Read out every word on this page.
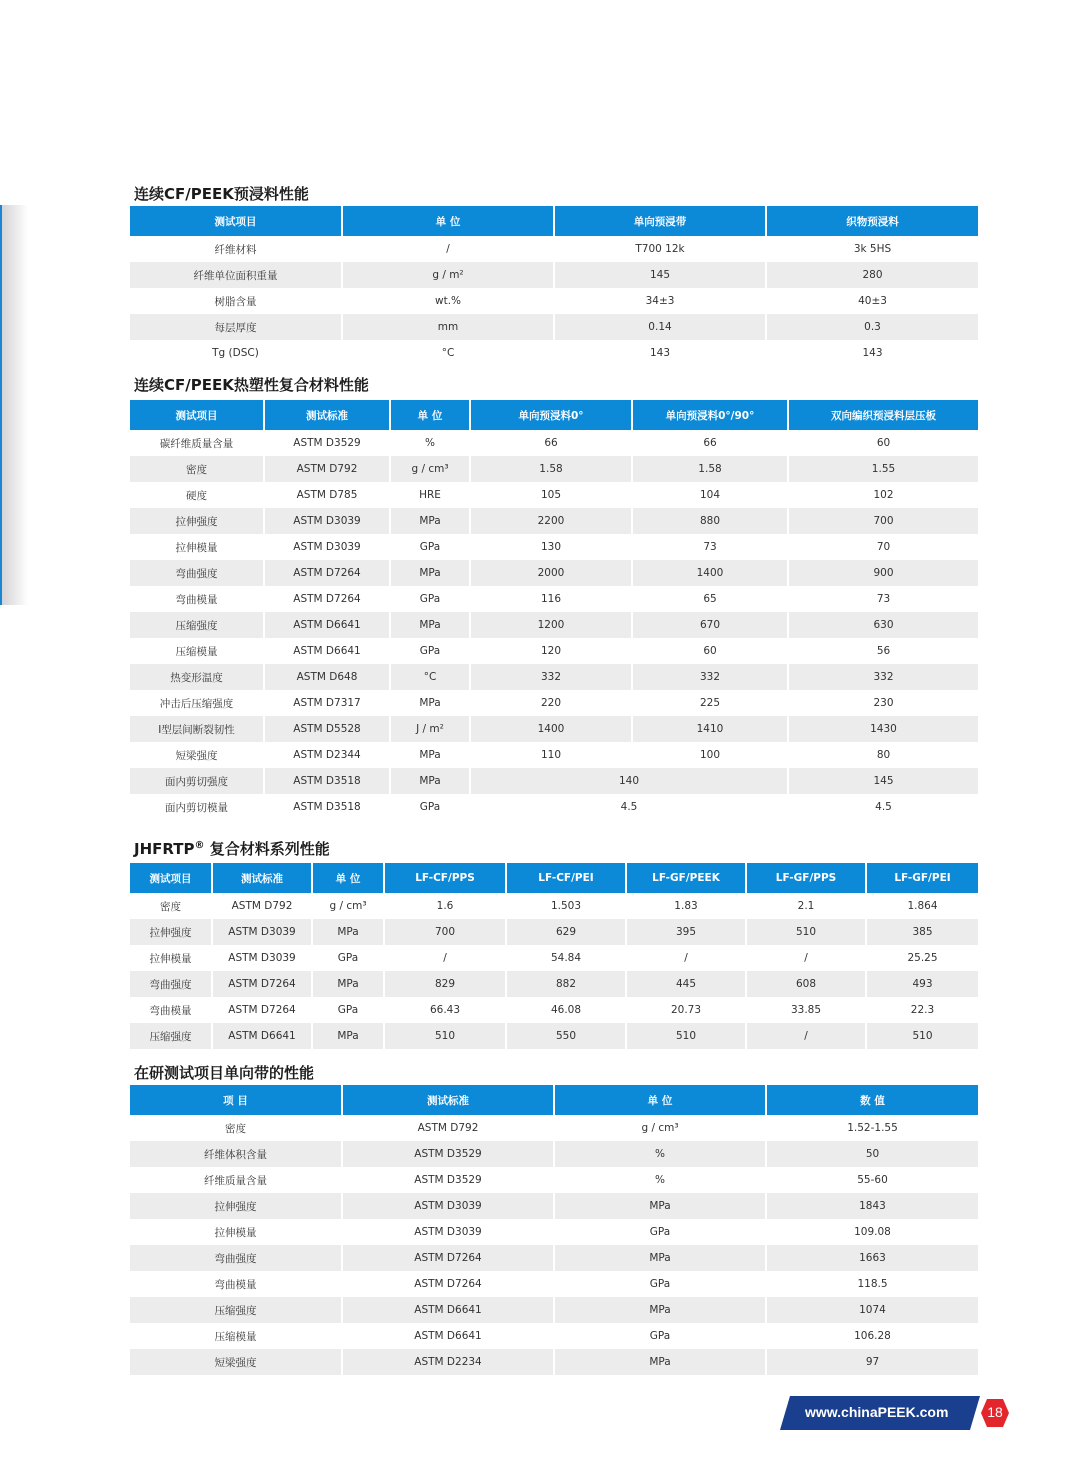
连续CF/PEEK预浸料性能
测试项目	单 位	单向预浸带	织物预浸料
纤维材料	/	T700 12k	3k 5HS
纤维单位面积重量	g / m²	145	280
树脂含量	wt.%	34±3	40±3
每层厚度	mm	0.14	0.3
Tg (DSC)	°C	143	143
连续CF/PEEK热塑性复合材料性能
测试项目	测试标准	单 位	单向预浸料0°	单向预浸料0°/90°	双向编织预浸料层压板
碳纤维质量含量	ASTM D3529	%	66	66	60
密度	ASTM D792	g / cm³	1.58	1.58	1.55
硬度	ASTM D785	HRE	105	104	102
拉伸强度	ASTM D3039	MPa	2200	880	700
拉伸模量	ASTM D3039	GPa	130	73	70
弯曲强度	ASTM D7264	MPa	2000	1400	900
弯曲模量	ASTM D7264	GPa	116	65	73
压缩强度	ASTM D6641	MPa	1200	670	630
压缩模量	ASTM D6641	GPa	120	60	56
热变形温度	ASTM D648	°C	332	332	332
冲击后压缩强度	ASTM D7317	MPa	220	225	230
I型层间断裂韧性	ASTM D5528	J / m²	1400	1410	1430
短梁强度	ASTM D2344	MPa	110	100	80
面内剪切强度	ASTM D3518	MPa	140		145
面内剪切模量	ASTM D3518	GPa	4.5		4.5
JHFRTP® 复合材料系列性能
测试项目	测试标准	单 位	LF-CF/PPS	LF-CF/PEI	LF-GF/PEEK	LF-GF/PPS	LF-GF/PEI
密度	ASTM D792	g / cm³	1.6	1.503	1.83	2.1	1.864
拉伸强度	ASTM D3039	MPa	700	629	395	510	385
拉伸模量	ASTM D3039	GPa	/	54.84	/	/	25.25
弯曲强度	ASTM D7264	MPa	829	882	445	608	493
弯曲模量	ASTM D7264	GPa	66.43	46.08	20.73	33.85	22.3
压缩强度	ASTM D6641	MPa	510	550	510	/	510
在研测试项目单向带的性能
项 目	测试标准	单 位	数 值
密度	ASTM D792	g / cm³	1.52-1.55
纤维体积含量	ASTM D3529	%	50
纤维质量含量	ASTM D3529	%	55-60
拉伸强度	ASTM D3039	MPa	1843
拉伸模量	ASTM D3039	GPa	109.08
弯曲强度	ASTM D7264	MPa	1663
弯曲模量	ASTM D7264	GPa	118.5
压缩强度	ASTM D6641	MPa	1074
压缩模量	ASTM D6641	GPa	106.28
短梁强度	ASTM D2234	MPa	97
www.chinaPEEK.com	18
